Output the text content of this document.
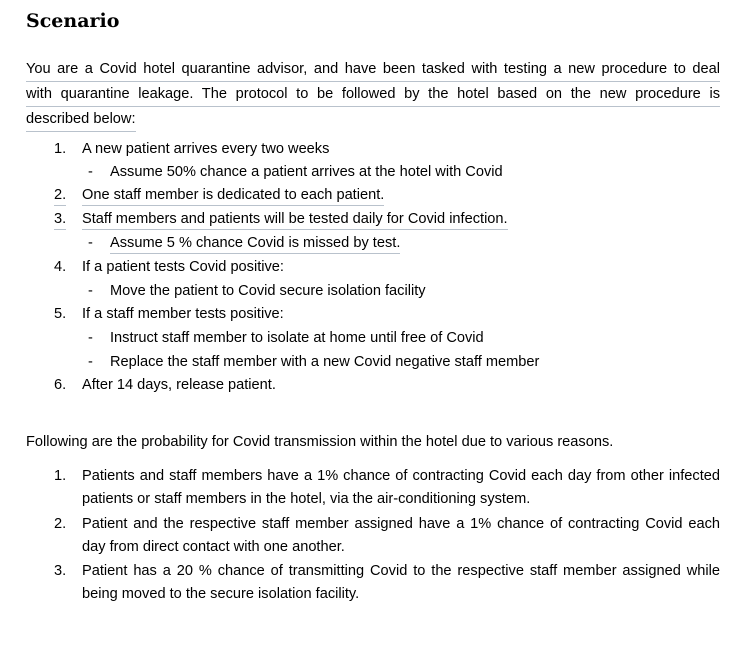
Scenario
You are a Covid hotel quarantine advisor, and have been tasked with testing a new procedure to deal
with quarantine leakage. The protocol to be followed by the hotel based on the new procedure is
described below:
1. A new patient arrives every two weeks
- Assume 50% chance a patient arrives at the hotel with Covid
2. One staff member is dedicated to each patient.
3. Staff members and patients will be tested daily for Covid infection.
- Assume 5 % chance Covid is missed by test.
4. If a patient tests Covid positive:
- Move the patient to Covid secure isolation facility
5. If a staff member tests positive:
- Instruct staff member to isolate at home until free of Covid
- Replace the staff member with a new Covid negative staff member
6. After 14 days, release patient.
Following are the probability for Covid transmission within the hotel due to various reasons.
1. Patients and staff members have a 1% chance of contracting Covid each day from other infected patients or staff members in the hotel, via the air-conditioning system.
2. Patient and the respective staff member assigned have a 1% chance of contracting Covid each day from direct contact with one another.
3. Patient has a 20 % chance of transmitting Covid to the respective staff member assigned while being moved to the secure isolation facility.
